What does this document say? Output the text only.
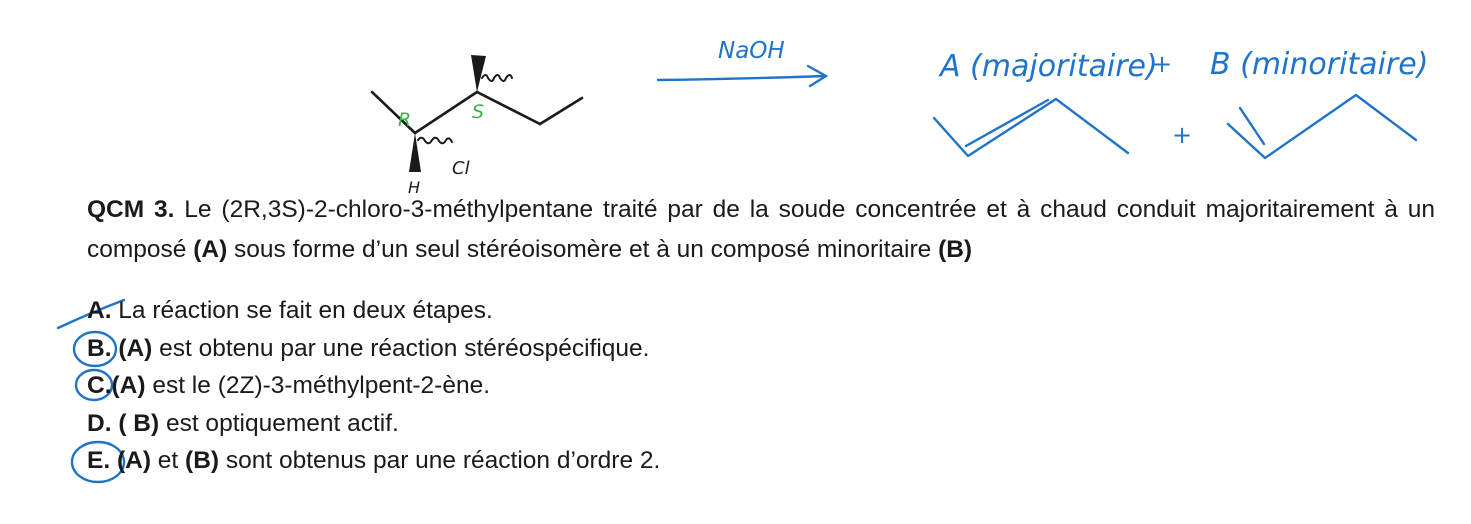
R	S
H
Cl
NaOH	A (majoritaire)
+ B (minoritaire)
+

QCM 3. Le (2R,3S)-2-chloro-3-méthylpentane traité par de la soude concentrée et à chaud conduit majoritairement à un composé (A) sous forme d’un seul stéréoisomère et à un composé minoritaire (B)

A. La réaction se fait en deux étapes.
B. (A) est obtenu par une réaction stéréospécifique.
C.(A) est le (2Z)-3-méthylpent-2-ène.
D. ( B) est optiquement actif.
E. (A) et (B) sont obtenus par une réaction d’ordre 2.
